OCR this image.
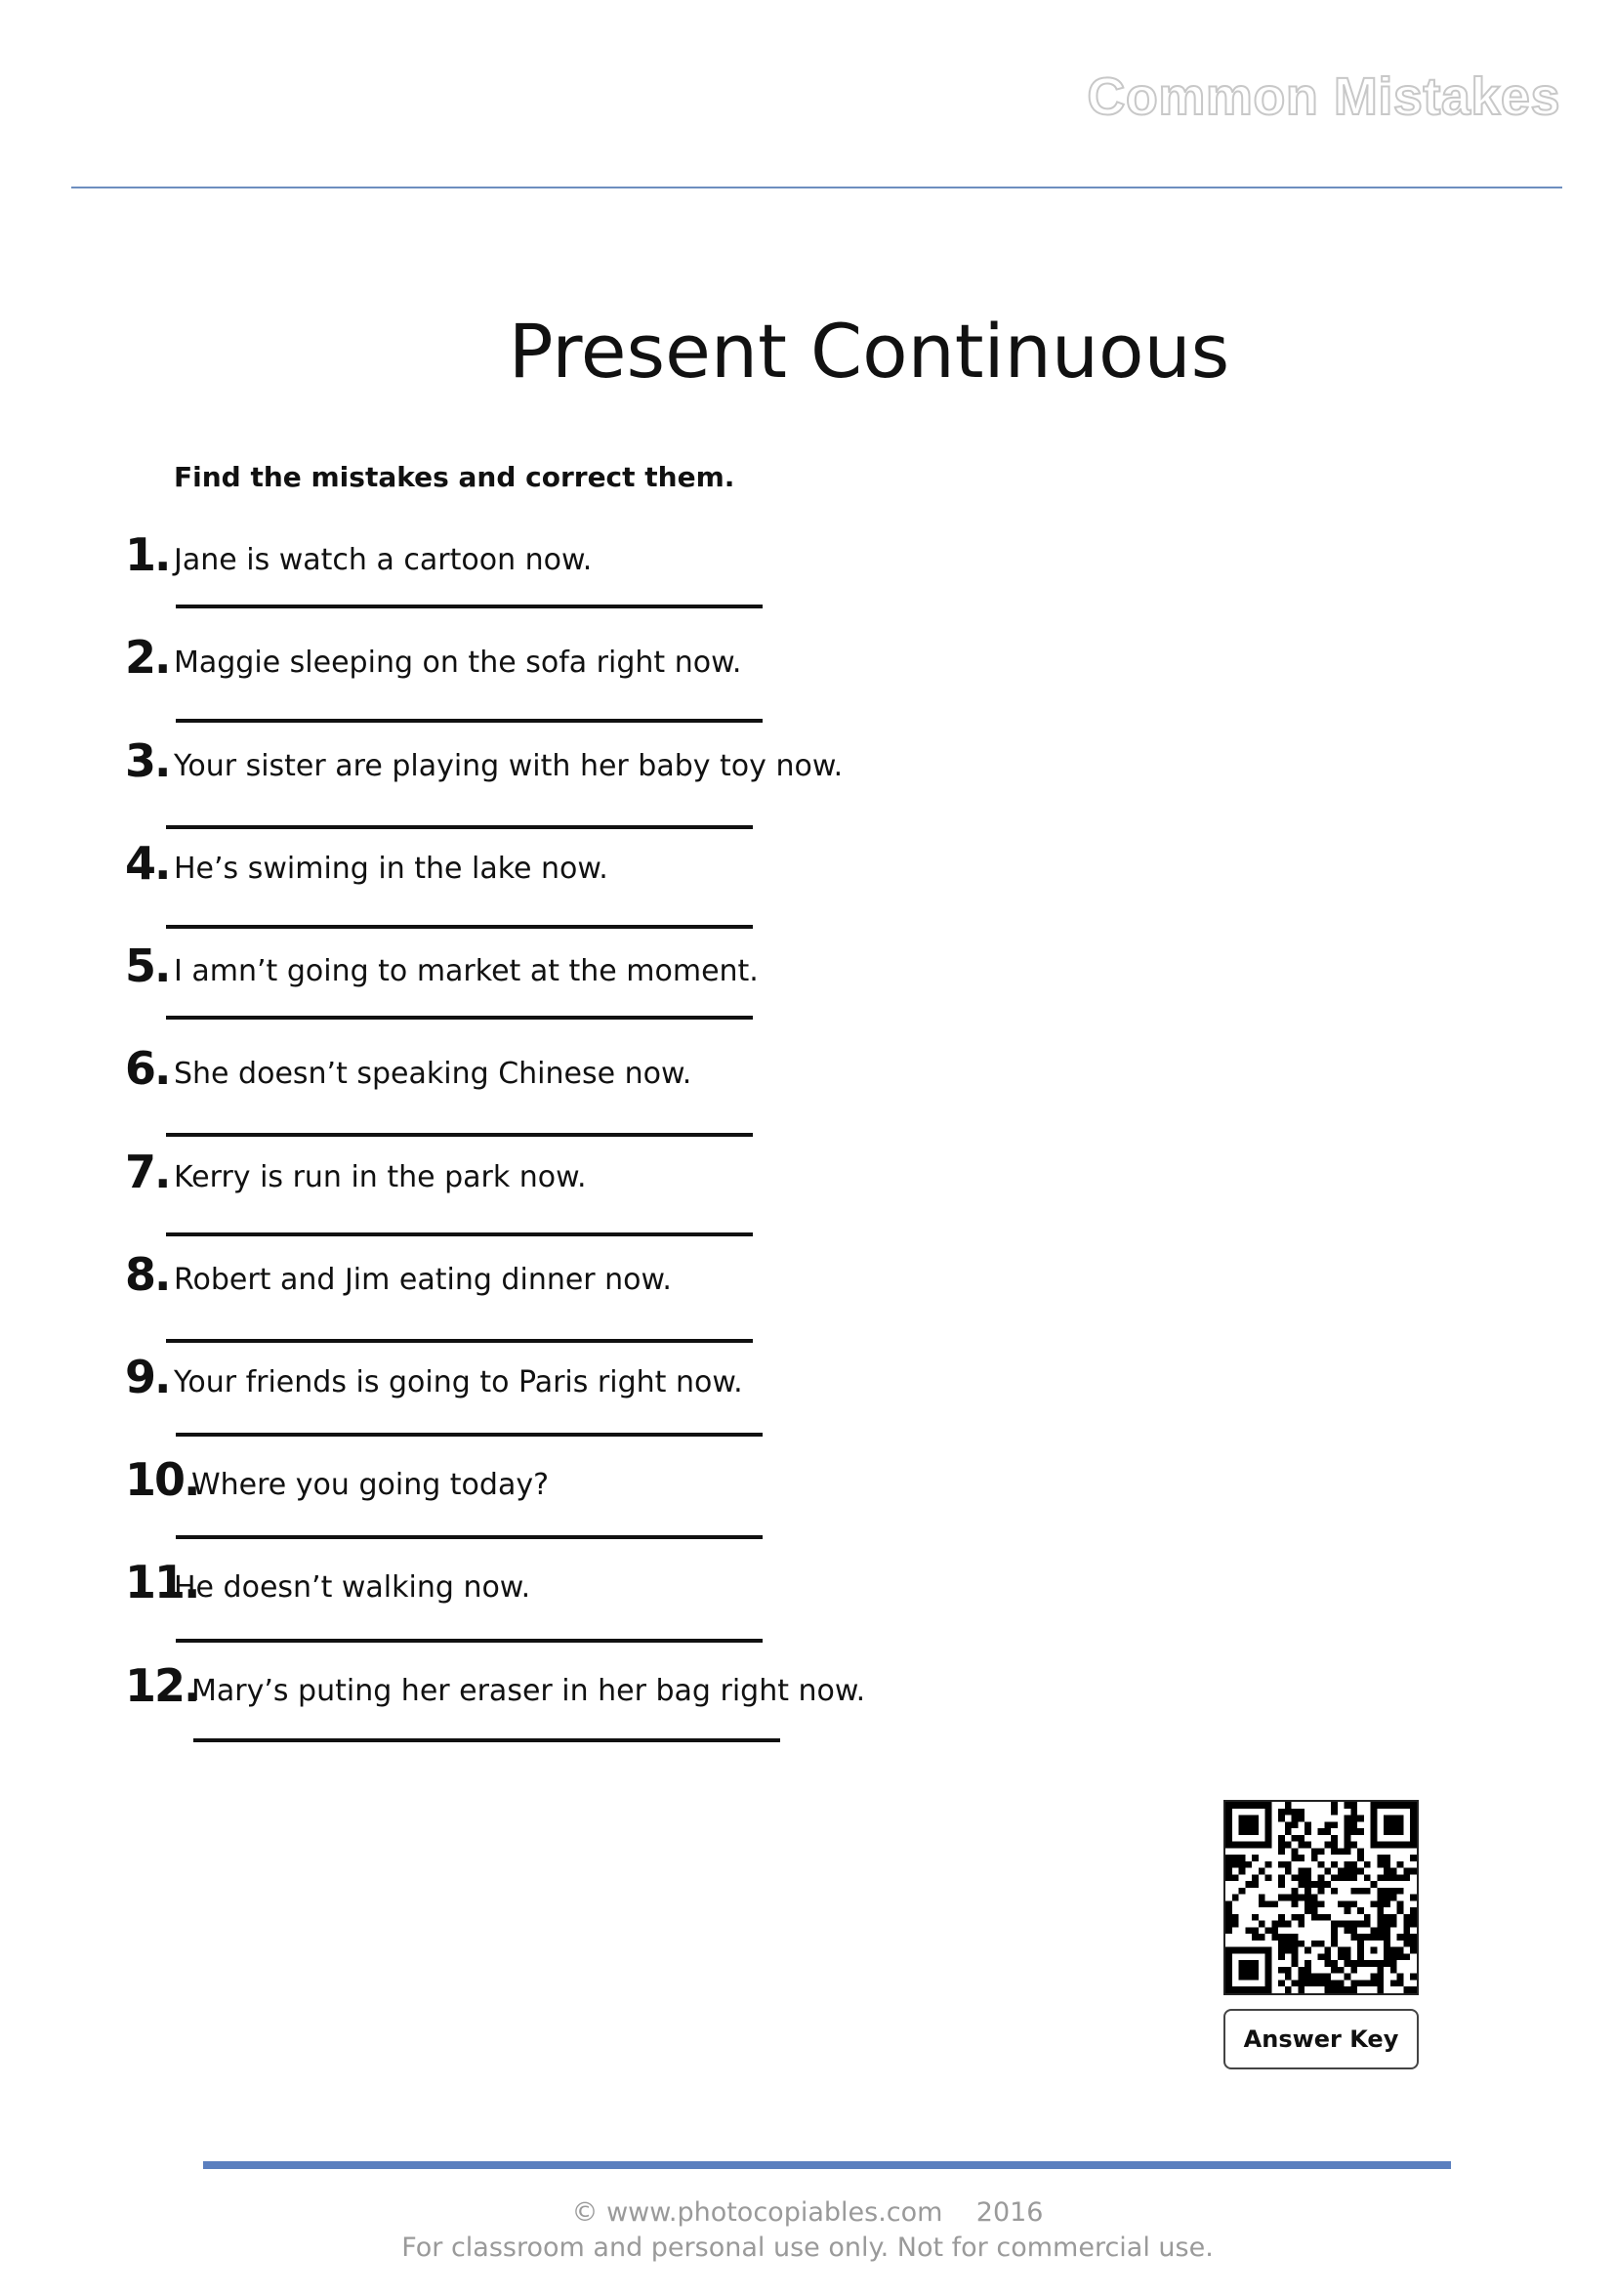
Common Mistakes
Present Continuous
Find the mistakes and correct them.
1. Jane is watch a cartoon now.
2. Maggie sleeping on the sofa right now.
3. Your sister are playing with her baby toy now.
4. He’s swiming in the lake now.
5. I amn’t going to market at the moment.
6. She doesn’t speaking Chinese now.
7. Kerry is run in the park now.
8. Robert and Jim eating dinner now.
9. Your friends is going to Paris right now.
10.
Where you going today?
11.
He doesn’t walking now.
12.
Mary’s puting her eraser in her bag right now.
Answer Key
© www.photocopiables.com    2016
For classroom and personal use only. Not for commercial use.
